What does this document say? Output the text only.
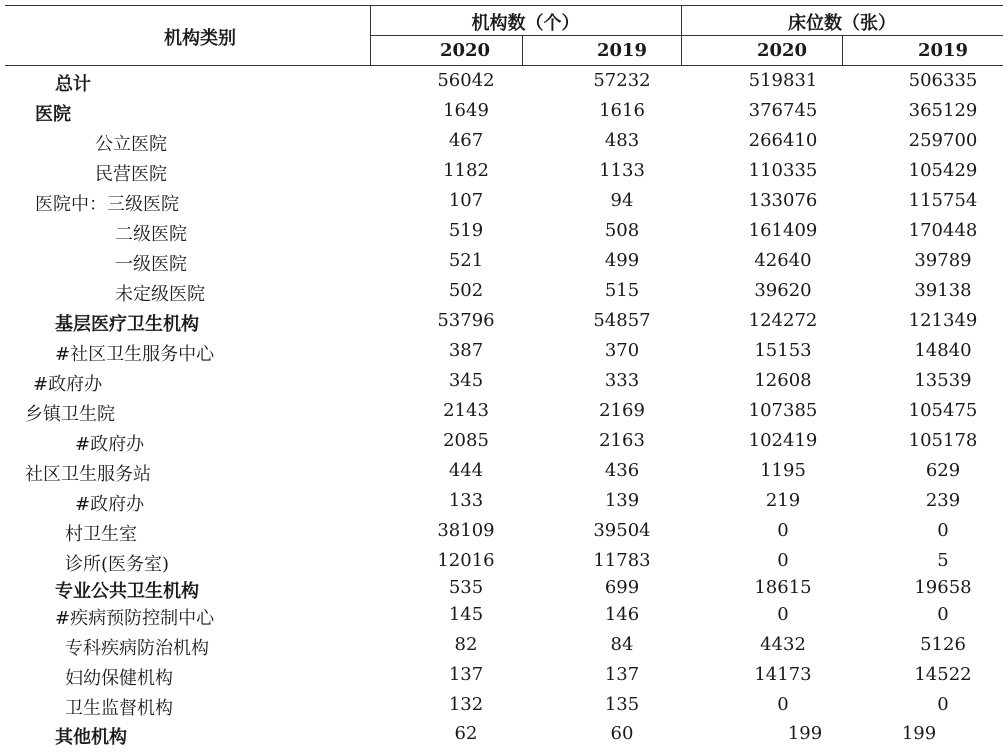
机构类别
机构数（个）	床位数（张）
2020	2019	2020	2019
总计	56042	57232	519831	506335
医院	1649	1616	376745	365129
公立医院	467	483	266410	259700
民营医院	1182	1133	110335	105429
医院中：三级医院	107	94	133076	115754
二级医院	519	508	161409	170448
一级医院	521	499	42640	39789
未定级医院	502	515	39620	39138
基层医疗卫生机构	53796	54857	124272	121349
#社区卫生服务中心	387	370	15153	14840
#政府办	345	333	12608	13539
乡镇卫生院	2143	2169	107385	105475
#政府办	2085	2163	102419	105178
社区卫生服务站	444	436	1195	629
#政府办	133	139	219	239
村卫生室	38109	39504	0	0
诊所(医务室)	12016	11783	0	5
专业公共卫生机构	535	699	18615	19658
#疾病预防控制中心	145	146	0	0
专科疾病防治机构	82	84	4432	5126
妇幼保健机构	137	137	14173	14522
卫生监督机构	132	135	0	0
其他机构	62	60	199	199
